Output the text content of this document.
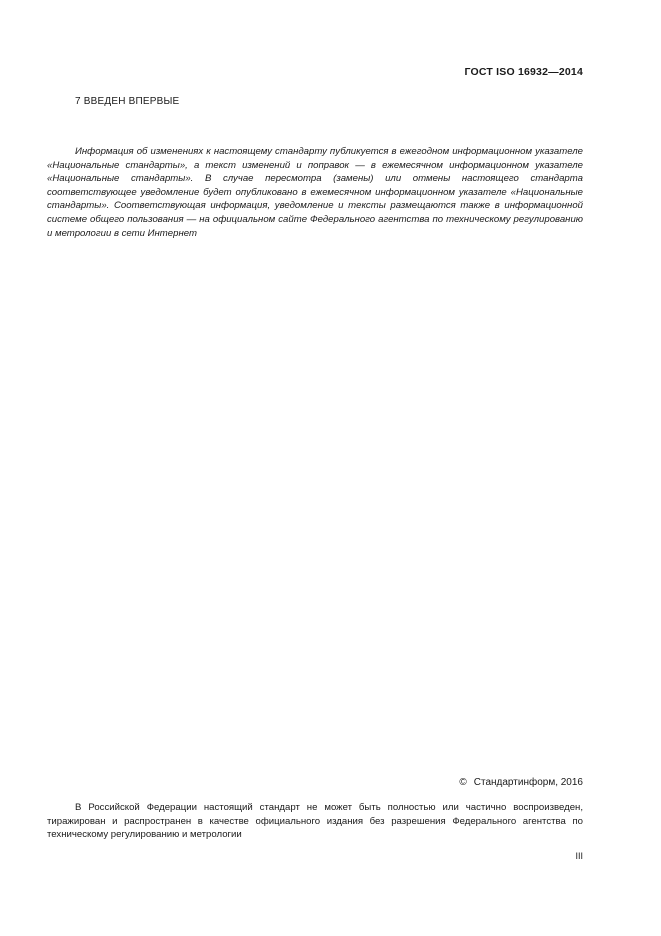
ГОСТ ISO 16932—2014
7 ВВЕДЕН ВПЕРВЫЕ

Информация об изменениях к настоящему стандарту публикуется в ежегодном информационном указателе «Национальные стандарты», а текст изменений и поправок — в ежемесячном информационном указателе «Национальные стандарты». В случае пересмотра (замены) или отмены настоящего стандарта соответствующее уведомление будет опубликовано в ежемесячном информационном указателе «Национальные стандарты». Соответствующая информация, уведомление и тексты размещаются также в информационной системе общего пользования — на официальном сайте Федерального агентства по техническому регулированию и метрологии в сети Интернет

© Стандартинформ, 2016

В Российской Федерации настоящий стандарт не может быть полностью или частично воспроизведен, тиражирован и распространен в качестве официального издания без разрешения Федерального агентства по техническому регулированию и метрологии

III
